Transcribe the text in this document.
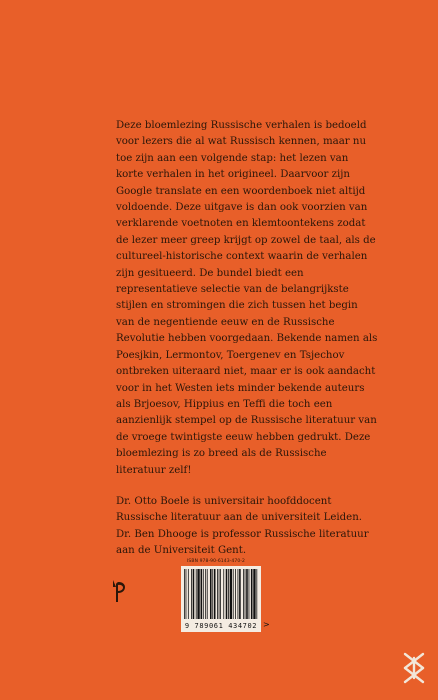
Deze bloemlezing Russische verhalen is bedoeld voor lezers die al wat Russisch kennen, maar nu toe zijn aan een volgende stap: het lezen van korte verhalen in het origineel. Daarvoor zijn Google translate en een woordenboek niet altijd voldoende. Deze uitgave is dan ook voorzien van verklarende voetnoten en klemtoontekens zodat de lezer meer greep krijgt op zowel de taal, als de cultureel-historische context waarin de verhalen zijn gesitueerd. De bundel biedt een representatieve selectie van de belangrijkste stijlen en stromingen die zich tussen het begin van de negentiende eeuw en de Russische Revolutie hebben voorgedaan. Bekende namen als Poesjkin, Lermontov, Toergenev en Tsjechov ontbreken uiteraard niet, maar er is ook aandacht voor in het Westen iets minder bekende auteurs als Brjoesov, Hippius en Teffi die toch een aanzienlijk stempel op de Russische literatuur van de vroege twintigste eeuw hebben gedrukt. Deze bloemlezing is zo breed als de Russische literatuur zelf!

Dr. Otto Boele is universitair hoofddocent Russische literatuur aan de universiteit Leiden. Dr. Ben Dhooge is professor Russische literatuur aan de Universiteit Gent.

ISBN 978-90-6143-470-2
9 789061 434702 >
